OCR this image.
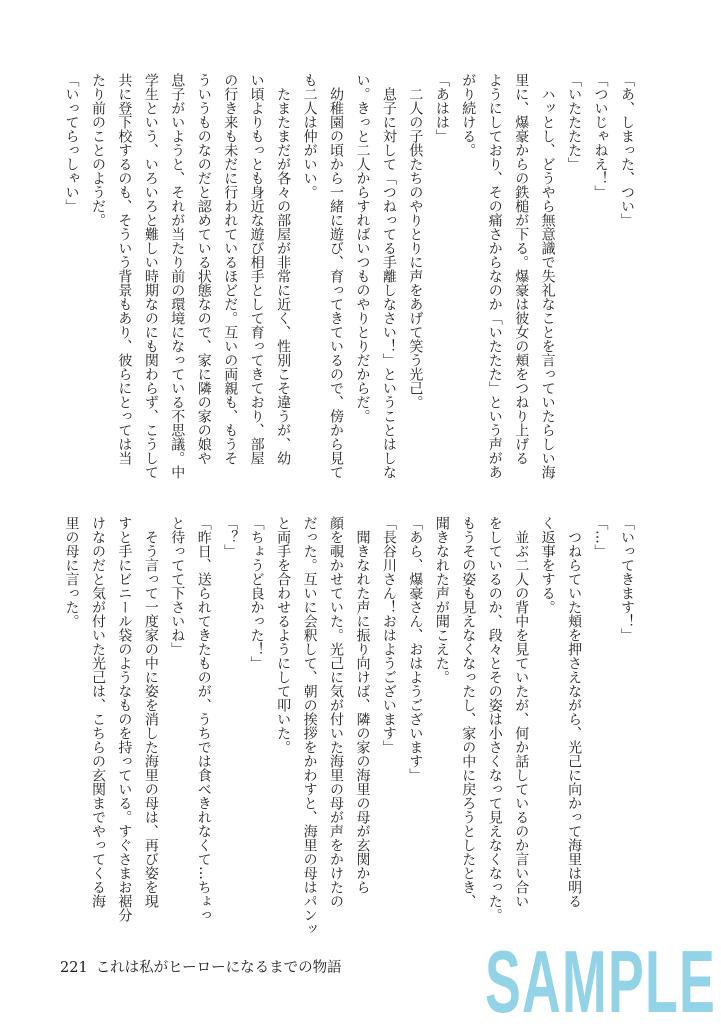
「あ、しまった、つい」
「ついじゃねえ！」
「いたたたた」
　ハッとし、どうやら無意識で失礼なことを言っていたらしい海
里に、爆豪からの鉄槌が下る。爆豪は彼女の頬をつねり上げる
ようにしており、その痛さからなのか「いたたた」という声があ
がり続ける。
「あはは」
　二人の子供たちのやりとりに声をあげて笑う光己。
　息子に対して「つねってる手離しなさい！」ということはしな
い。きっと二人からすればいつものやりとりだからだ。
　幼稚園の頃から一緒に遊び、育ってきているので、傍から見て
も二人は仲がいい。
　たまたまだが各々の部屋が非常に近く、性別こそ違うが、幼
い頃よりもっとも身近な遊び相手として育ってきており、部屋
の行き来も未だに行われているほどだ。互いの両親も、もうそ
ういうものなのだと認めている状態なので、家に隣の家の娘や
息子がいようと、それが当たり前の環境になっている不思議。中
学生という、いろいろと難しい時期なのにも関わらず、こうして
共に登下校するのも、そういう背景もあり、彼らにとっては当
たり前のことのようだ。
「いってらっしゃい」
「いってきます！」
「…」
　つねらていた頬を押さえながら、光己に向かって海里は明る
く返事をする。
　並ぶ二人の背中を見ていたが、何か話しているのか言い合い
をしているのか、段々とその姿は小さくなって見えなくなった。
もうその姿も見えなくなったし、家の中に戻ろうとしたとき、
聞きなれた声が聞こえた。
「あら、爆豪さん、おはようございます」
「長谷川さん！おはようございます」
　聞きなれた声に振り向けば、隣の家の海里の母が玄関から
顔を覗かせていた。光己に気が付いた海里の母が声をかけたの
だった。互いに会釈して、朝の挨拶をかわすと、海里の母はパンッ
と両手を合わせるようにして叩いた。
「ちょうど良かった！」
「？」
「昨日、送られてきたものが、うちでは食べきれなくて…ちょっ
と待ってて下さいね」
　そう言って一度家の中に姿を消した海里の母は、再び姿を現
すと手にビニール袋のようなものを持っている。すぐさまお裾分
けなのだと気が付いた光己は、こちらの玄関までやってくる海
里の母に言った。
221 これは私がヒーローになるまでの物語 SAMPLE
